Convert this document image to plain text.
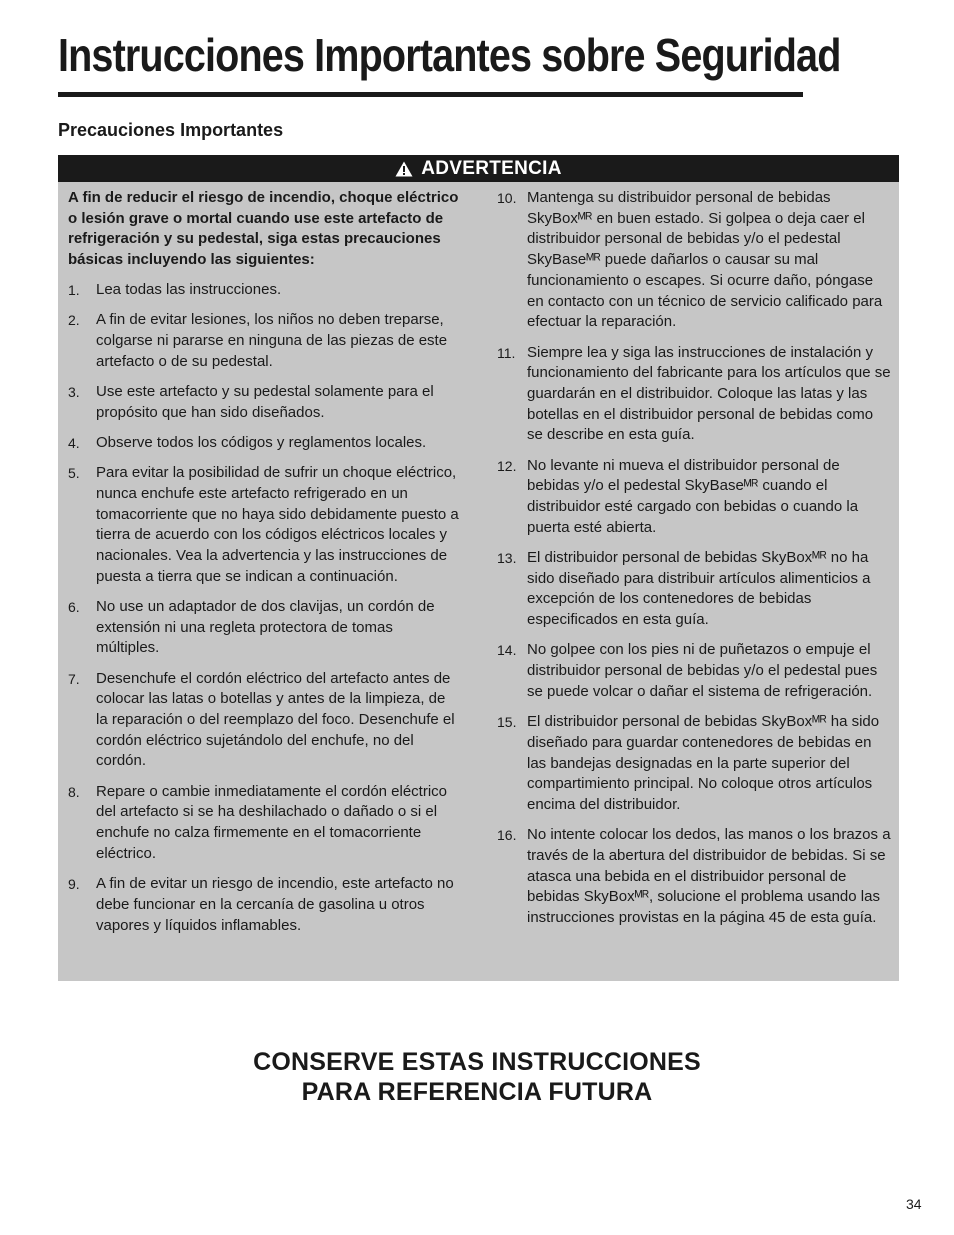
Instrucciones Importantes sobre Seguridad
Precauciones Importantes
ADVERTENCIA

A fin de reducir el riesgo de incendio, choque eléctrico o lesión grave o mortal cuando use este artefacto de refrigeración y su pedestal, siga estas precauciones básicas incluyendo las siguientes:

1. Lea todas las instrucciones.
2. A fin de evitar lesiones, los niños no deben treparse, colgarse ni pararse en ninguna de las piezas de este artefacto o de su pedestal.
3. Use este artefacto y su pedestal solamente para el propósito que han sido diseñados.
4. Observe todos los códigos y reglamentos locales.
5. Para evitar la posibilidad de sufrir un choque eléctrico, nunca enchufe este artefacto refrigerado en un tomacorriente que no haya sido debidamente puesto a tierra de acuerdo con los códigos eléctricos locales y nacionales. Vea la advertencia y las instrucciones de puesta a tierra que se indican a continuación.
6. No use un adaptador de dos clavijas, un cordón de extensión ni una regleta protectora de tomas múltiples.
7. Desenchufe el cordón eléctrico del artefacto antes de colocar las latas o botellas y antes de la limpieza, de la reparación o del reemplazo del foco. Desenchufe el cordón eléctrico sujetándolo del enchufe, no del cordón.
8. Repare o cambie inmediatamente el cordón eléctrico del artefacto si se ha deshilachado o dañado o si el enchufe no calza firmemente en el tomacorriente eléctrico.
9. A fin de evitar un riesgo de incendio, este artefacto no debe funcionar en la cercanía de gasolina u otros vapores y líquidos inflamables.
10. Mantenga su distribuidor personal de bebidas SkyBoxᴹᴿ en buen estado. Si golpea o deja caer el distribuidor personal de bebidas y/o el pedestal SkyBaseᴹᴿ puede dañarlos o causar su mal funcionamiento o escapes. Si ocurre daño, póngase en contacto con un técnico de servicio calificado para efectuar la reparación.
11. Siempre lea y siga las instrucciones de instalación y funcionamiento del fabricante para los artículos que se guardarán en el distribuidor. Coloque las latas y las botellas en el distribuidor personal de bebidas como se describe en esta guía.
12. No levante ni mueva el distribuidor personal de bebidas y/o el pedestal SkyBaseᴹᴿ cuando el distribuidor esté cargado con bebidas o cuando la puerta esté abierta.
13. El distribuidor personal de bebidas SkyBoxᴹᴿ no ha sido diseñado para distribuir artículos alimenticios a excepción de los contenedores de bebidas especificados en esta guía.
14. No golpee con los pies ni de puñetazos o empuje el distribuidor personal de bebidas y/o el pedestal pues se puede volcar o dañar el sistema de refrigeración.
15. El distribuidor personal de bebidas SkyBoxᴹᴿ ha sido diseñado para guardar contenedores de bebidas en las bandejas designadas en la parte superior del compartimiento principal. No coloque otros artículos encima del distribuidor.
16. No intente colocar los dedos, las manos o los brazos a través de la abertura del distribuidor de bebidas. Si se atasca una bebida en el distribuidor personal de bebidas SkyBoxᴹᴿ, solucione el problema usando las instrucciones provistas en la página 45 de esta guía.
CONSERVE ESTAS INSTRUCCIONES
PARA REFERENCIA FUTURA
34
